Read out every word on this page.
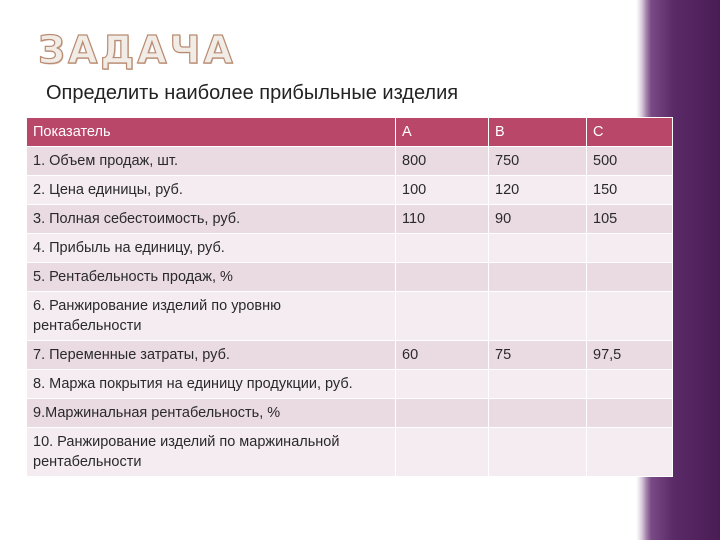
ЗАДАЧА
Определить наиболее прибыльные изделия
Показатель	A	B	C
1. Объем продаж, шт.	800	750	500
2. Цена единицы, руб.	100	120	150
3. Полная себестоимость, руб.	110	90	105
4. Прибыль на единицу, руб.			
5. Рентабельность продаж, %			
6. Ранжирование изделий по уровню рентабельности			
7. Переменные затраты, руб.	60	75	97,5
8. Маржа покрытия на единицу продукции, руб.			
9.Маржинальная рентабельность, %			
10. Ранжирование изделий по маржинальной рентабельности			
